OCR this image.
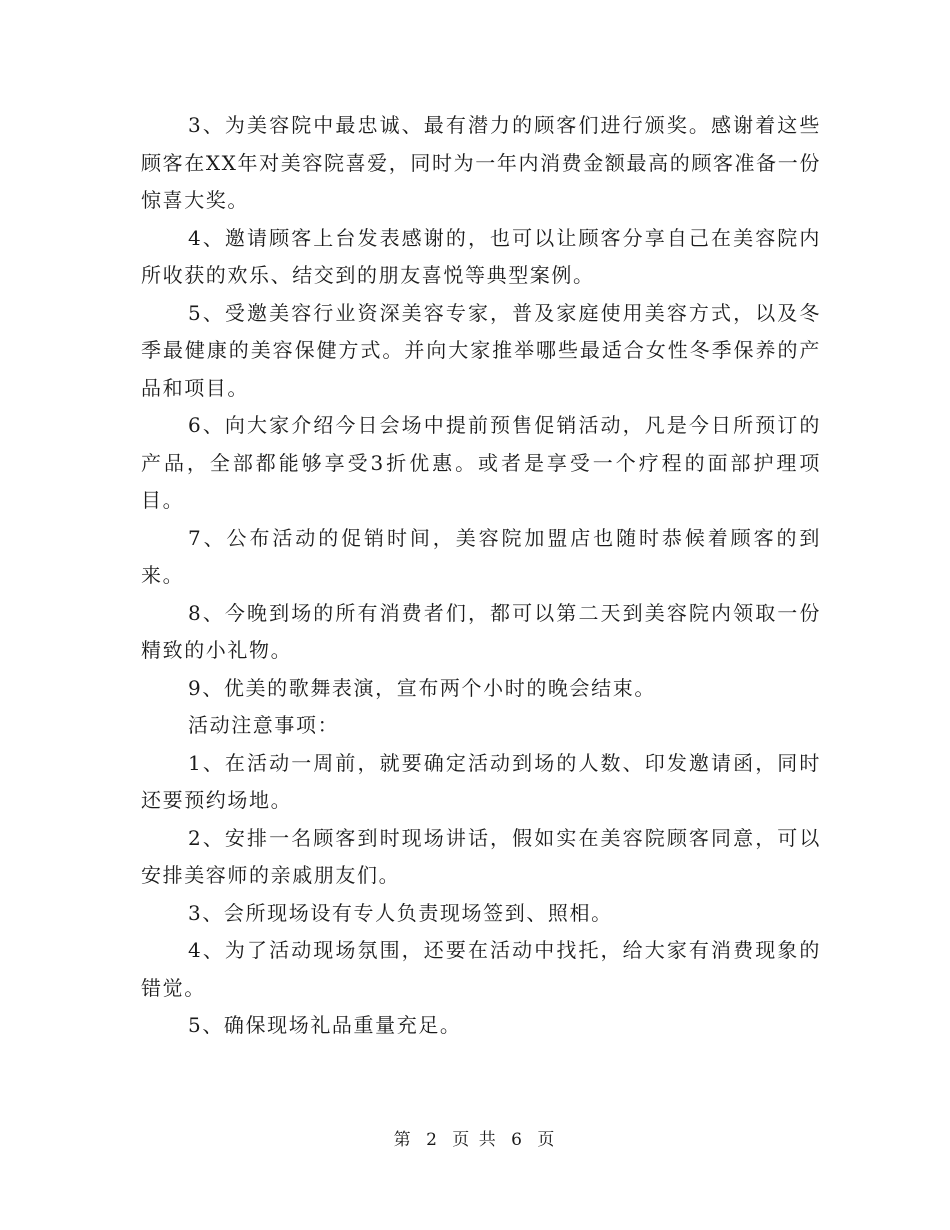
3、为美容院中最忠诚、最有潜力的顾客们进行颁奖。感谢着这些顾客在XX年对美容院喜爱，同时为一年内消费金额最高的顾客准备一份惊喜大奖。

4、邀请顾客上台发表感谢的，也可以让顾客分享自己在美容院内所收获的欢乐、结交到的朋友喜悦等典型案例。

5、受邀美容行业资深美容专家，普及家庭使用美容方式，以及冬季最健康的美容保健方式。并向大家推举哪些最适合女性冬季保养的产品和项目。

6、向大家介绍今日会场中提前预售促销活动，凡是今日所预订的产品，全部都能够享受3折优惠。或者是享受一个疗程的面部护理项目。

7、公布活动的促销时间，美容院加盟店也随时恭候着顾客的到来。

8、今晚到场的所有消费者们，都可以第二天到美容院内领取一份精致的小礼物。

9、优美的歌舞表演，宣布两个小时的晚会结束。

活动注意事项：

1、在活动一周前，就要确定活动到场的人数、印发邀请函，同时还要预约场地。

2、安排一名顾客到时现场讲话，假如实在美容院顾客同意，可以安排美容师的亲戚朋友们。

3、会所现场设有专人负责现场签到、照相。

4、为了活动现场氛围，还要在活动中找托，给大家有消费现象的错觉。

5、确保现场礼品重量充足。

第 2 页 共 6 页
